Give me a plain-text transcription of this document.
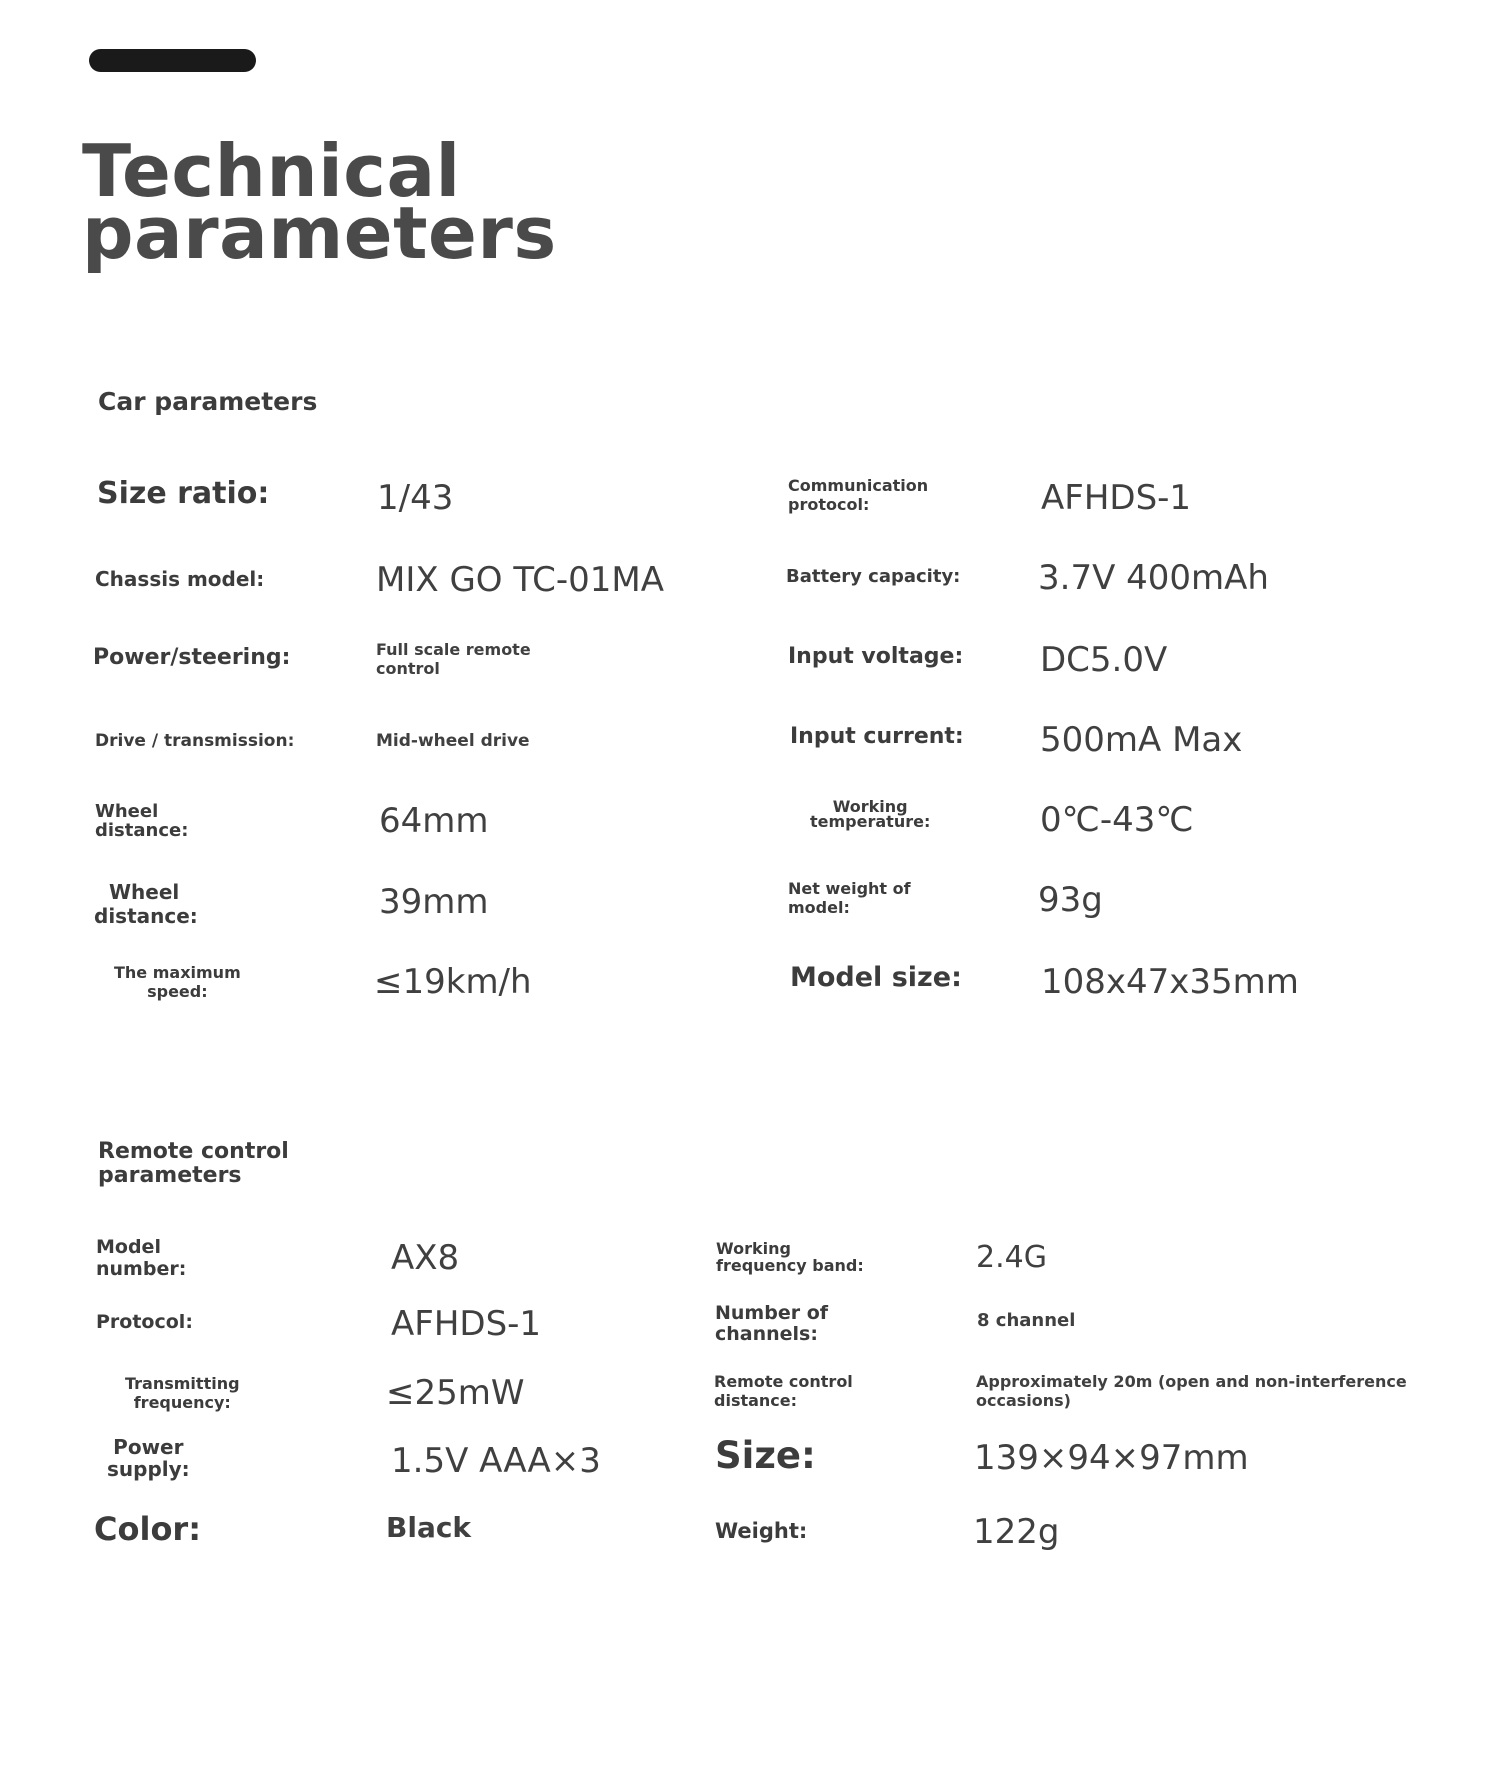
Technical
parameters
Car parameters
Size ratio:
Chassis model:
Power/steering:
Drive / transmission:
Wheel
distance:
Wheel
distance:
The maximum
speed:
1/43
MIX GO TC-01MA
Full scale remote
control
Mid-wheel drive
64mm
39mm
≤19km/h
Communication
protocol:
Battery capacity:
Input voltage:
Input current:
Working
temperature:
Net weight of
model:
Model size:
AFHDS-1
3.7V 400mAh
DC5.0V
500mA Max
0℃-43℃
93g
108x47x35mm
Remote control
parameters
Model
number:
Protocol:
Transmitting
frequency:
Power
supply:
Color:
AX8
AFHDS-1
≤25mW
1.5V AAA×3
Black
Working
frequency band:
Number of
channels:
Remote control
distance:
Size:
Weight:
2.4G
8 channel
Approximately 20m (open and non-interference
occasions)
139×94×97mm
122g
